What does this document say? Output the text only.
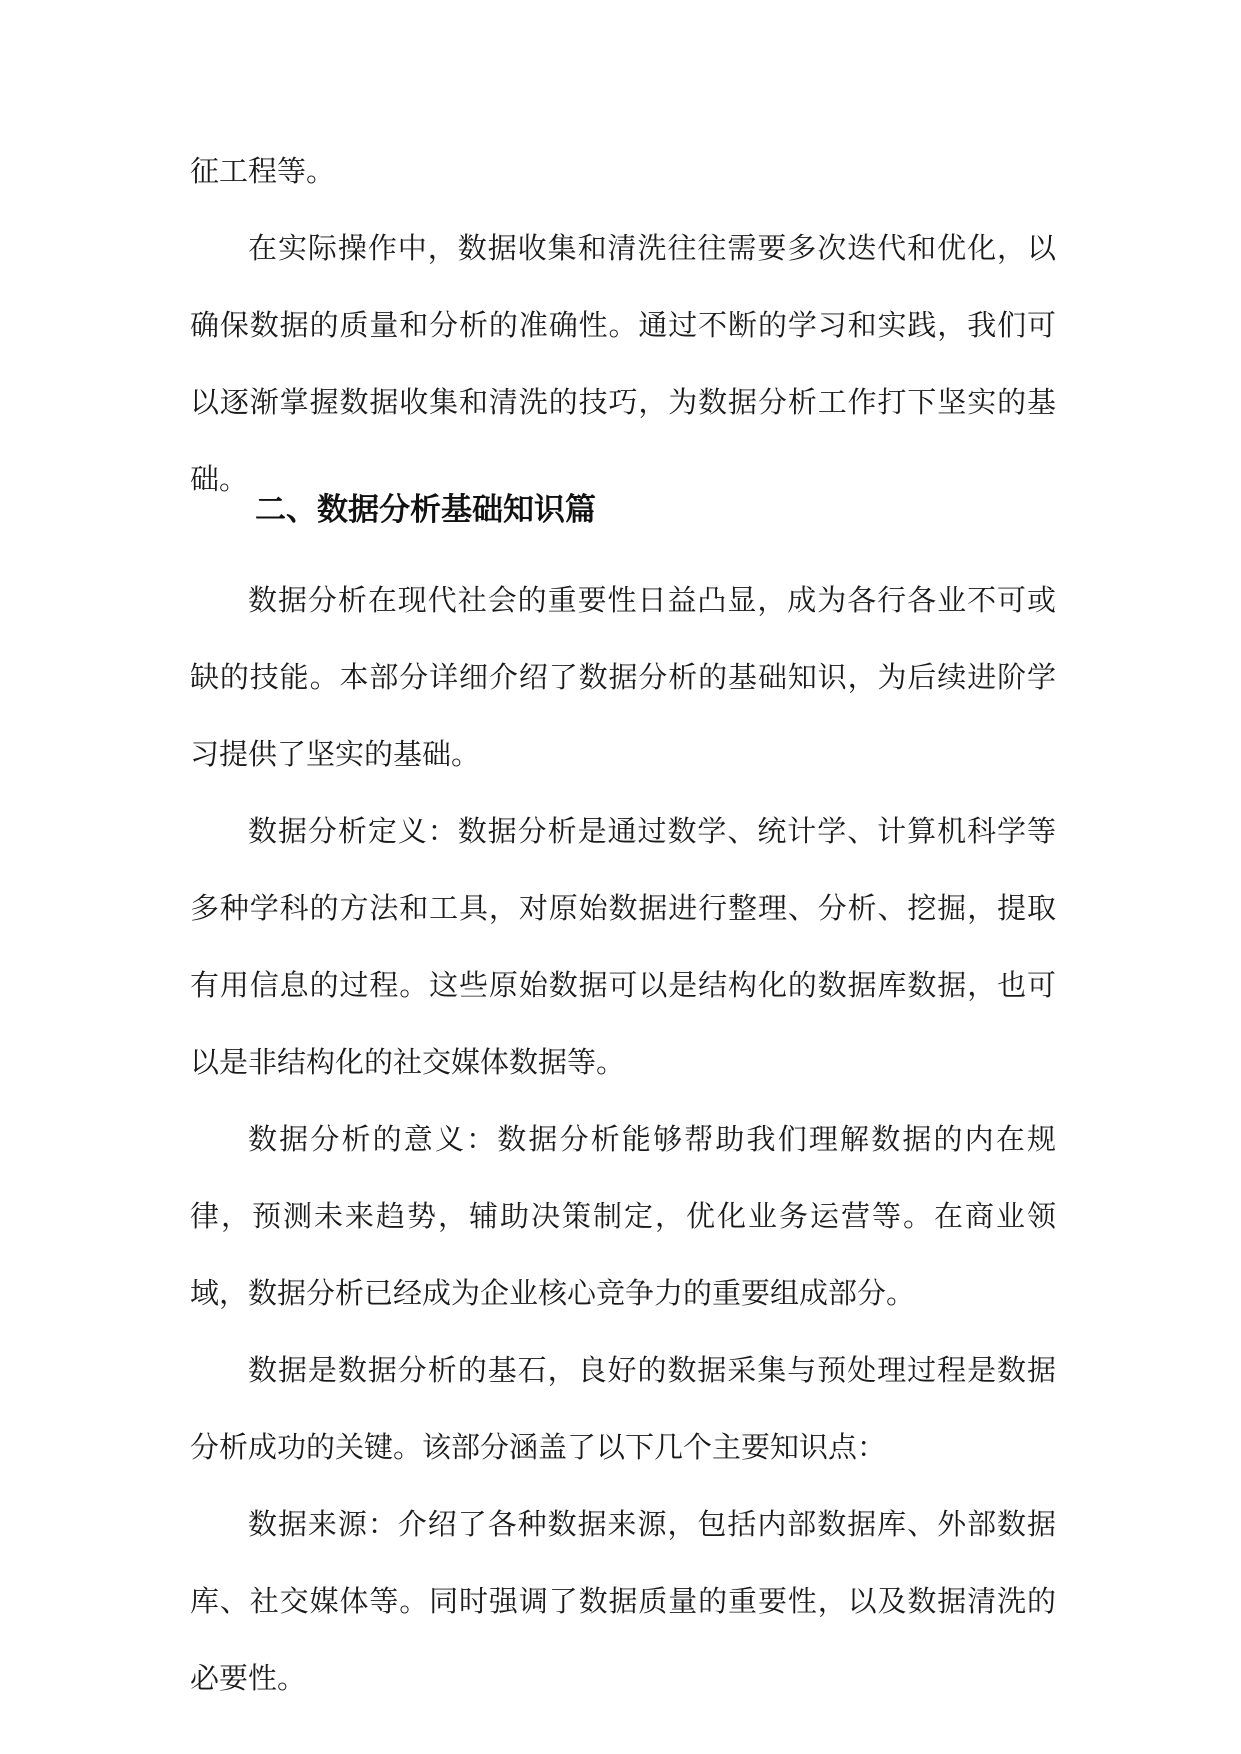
征工程等。

在实际操作中，数据收集和清洗往往需要多次迭代和优化，以确保数据的质量和分析的准确性。通过不断的学习和实践，我们可以逐渐掌握数据收集和清洗的技巧，为数据分析工作打下坚实的基础。

二、数据分析基础知识篇

数据分析在现代社会的重要性日益凸显，成为各行各业不可或缺的技能。本部分详细介绍了数据分析的基础知识，为后续进阶学习提供了坚实的基础。

数据分析定义：数据分析是通过数学、统计学、计算机科学等多种学科的方法和工具，对原始数据进行整理、分析、挖掘，提取有用信息的过程。这些原始数据可以是结构化的数据库数据，也可以是非结构化的社交媒体数据等。

数据分析的意义：数据分析能够帮助我们理解数据的内在规律，预测未来趋势，辅助决策制定，优化业务运营等。在商业领域，数据分析已经成为企业核心竞争力的重要组成部分。

数据是数据分析的基石，良好的数据采集与预处理过程是数据分析成功的关键。该部分涵盖了以下几个主要知识点：

数据来源：介绍了各种数据来源，包括内部数据库、外部数据库、社交媒体等。同时强调了数据质量的重要性，以及数据清洗的必要性。
